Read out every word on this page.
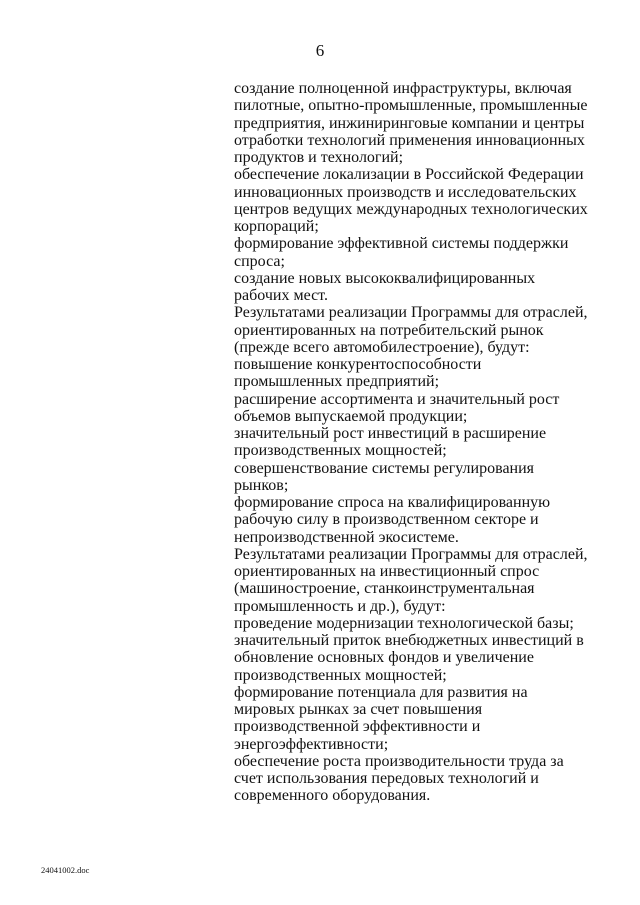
6
создание полноценной инфраструктуры, включая
пилотные, опытно-промышленные, промышленные
предприятия, инжиниринговые компании и центры
отработки технологий применения инновационных
продуктов и технологий;
обеспечение локализации в Российской Федерации
инновационных производств и исследовательских
центров ведущих международных технологических
корпораций;
формирование эффективной системы поддержки
спроса;
создание новых высококвалифицированных
рабочих мест.
Результатами реализации Программы для отраслей,
ориентированных на потребительский рынок
(прежде всего автомобилестроение), будут:
повышение конкурентоспособности
промышленных предприятий;
расширение ассортимента и значительный рост
объемов выпускаемой продукции;
значительный рост инвестиций в расширение
производственных мощностей;
совершенствование системы регулирования
рынков;
формирование спроса на квалифицированную
рабочую силу в производственном секторе и
непроизводственной экосистеме.
Результатами реализации Программы для отраслей,
ориентированных на инвестиционный спрос
(машиностроение, станкоинструментальная
промышленность и др.), будут:
проведение модернизации технологической базы;
значительный приток внебюджетных инвестиций в
обновление основных фондов и увеличение
производственных мощностей;
формирование потенциала для развития на
мировых рынках за счет повышения
производственной эффективности и
энергоэффективности;
обеспечение роста производительности труда за
счет использования передовых технологий и
современного оборудования.
24041002.doc
